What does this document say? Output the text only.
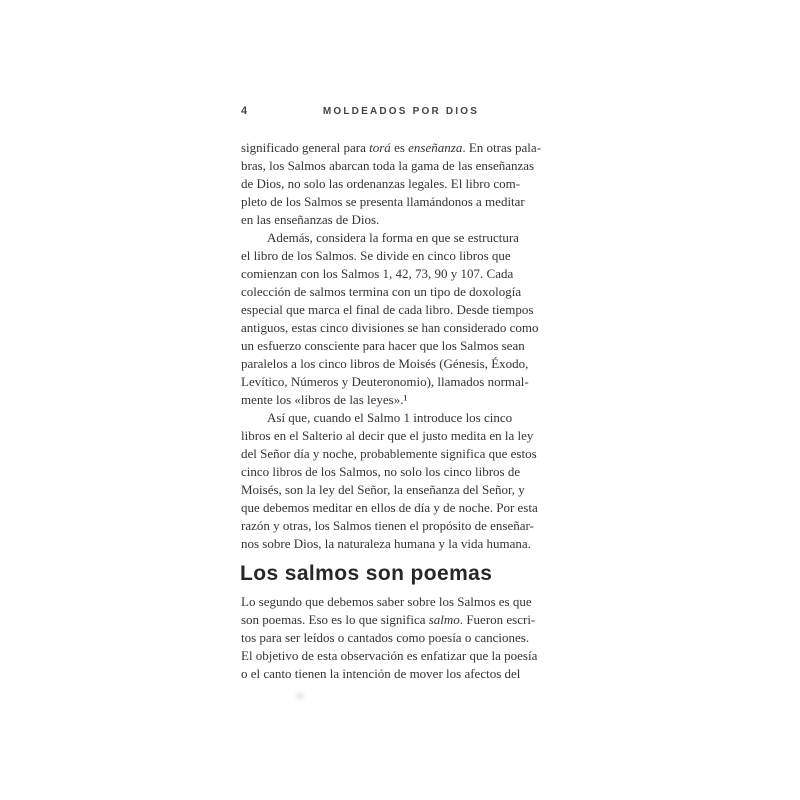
4	MOLDEADOS POR DIOS
significado general para torá es enseñanza. En otras pala-
bras, los Salmos abarcan toda la gama de las enseñanzas
de Dios, no solo las ordenanzas legales. El libro com-
pleto de los Salmos se presenta llamándonos a meditar
en las enseñanzas de Dios.
Además, considera la forma en que se estructura
el libro de los Salmos. Se divide en cinco libros que
comienzan con los Salmos 1, 42, 73, 90 y 107. Cada
colección de salmos termina con un tipo de doxología
especial que marca el final de cada libro. Desde tiempos
antiguos, estas cinco divisiones se han considerado como
un esfuerzo consciente para hacer que los Salmos sean
paralelos a los cinco libros de Moisés (Génesis, Éxodo,
Levítico, Números y Deuteronomio), llamados normal-
mente los «libros de las leyes».¹
Así que, cuando el Salmo 1 introduce los cinco
libros en el Salterio al decir que el justo medita en la ley
del Señor día y noche, probablemente significa que estos
cinco libros de los Salmos, no solo los cinco libros de
Moisés, son la ley del Señor, la enseñanza del Señor, y
que debemos meditar en ellos de día y de noche. Por esta
razón y otras, los Salmos tienen el propósito de enseñar-
nos sobre Dios, la naturaleza humana y la vida humana.
Los salmos son poemas
Lo segundo que debemos saber sobre los Salmos es que
son poemas. Eso es lo que significa salmo. Fueron escri-
tos para ser leídos o cantados como poesía o canciones.
El objetivo de esta observación es enfatizar que la poesía
o el canto tienen la intención de mover los afectos del
